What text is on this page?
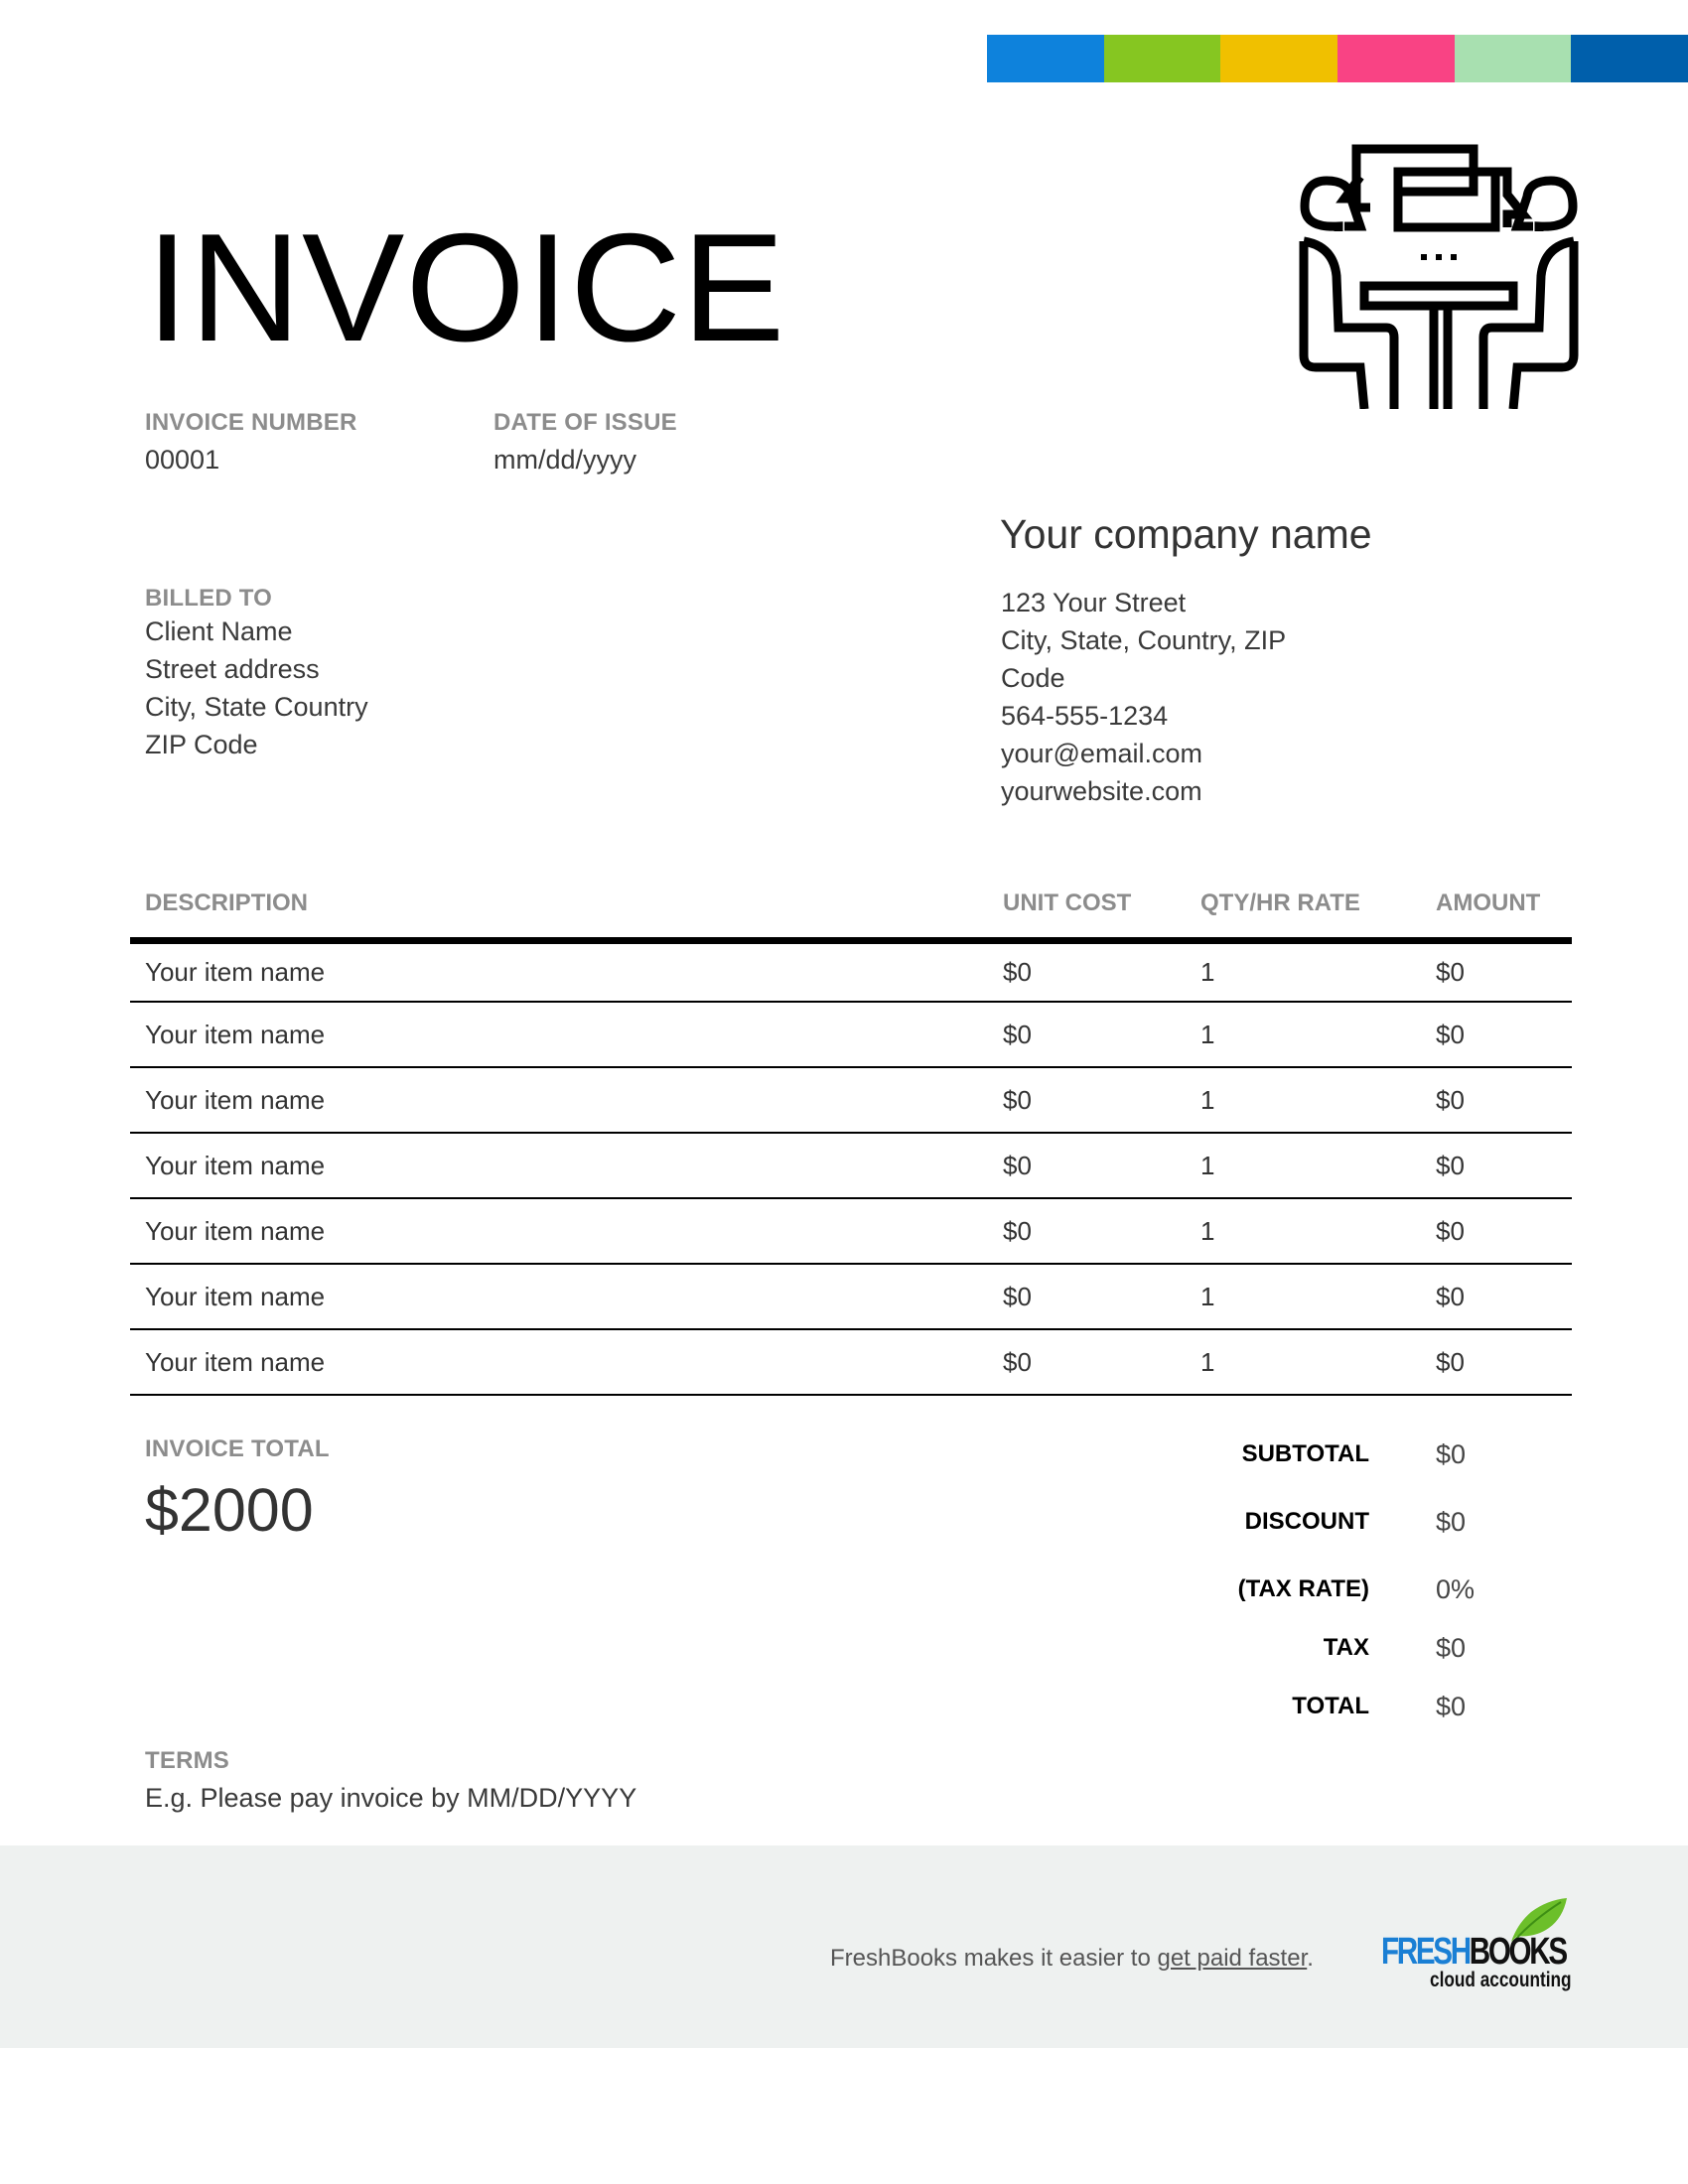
INVOICE
INVOICE NUMBER
00001
DATE OF ISSUE
mm/dd/yyyy
Your company name
123 Your Street
City, State, Country, ZIP
Code
564-555-1234
your@email.com
yourwebsite.com
BILLED TO
Client Name
Street address
City, State Country
ZIP Code
DESCRIPTION	UNIT COST	QTY/HR RATE	AMOUNT
Your item name	$0	1	$0
Your item name	$0	1	$0
Your item name	$0	1	$0
Your item name	$0	1	$0
Your item name	$0	1	$0
Your item name	$0	1	$0
Your item name	$0	1	$0
INVOICE TOTAL
$2000
SUBTOTAL $0
DISCOUNT $0
(TAX RATE) 0%
TAX $0
TOTAL $0
TERMS
E.g. Please pay invoice by MM/DD/YYYY
FreshBooks makes it easier to get paid faster. FRESHBOOKS
cloud accounting
